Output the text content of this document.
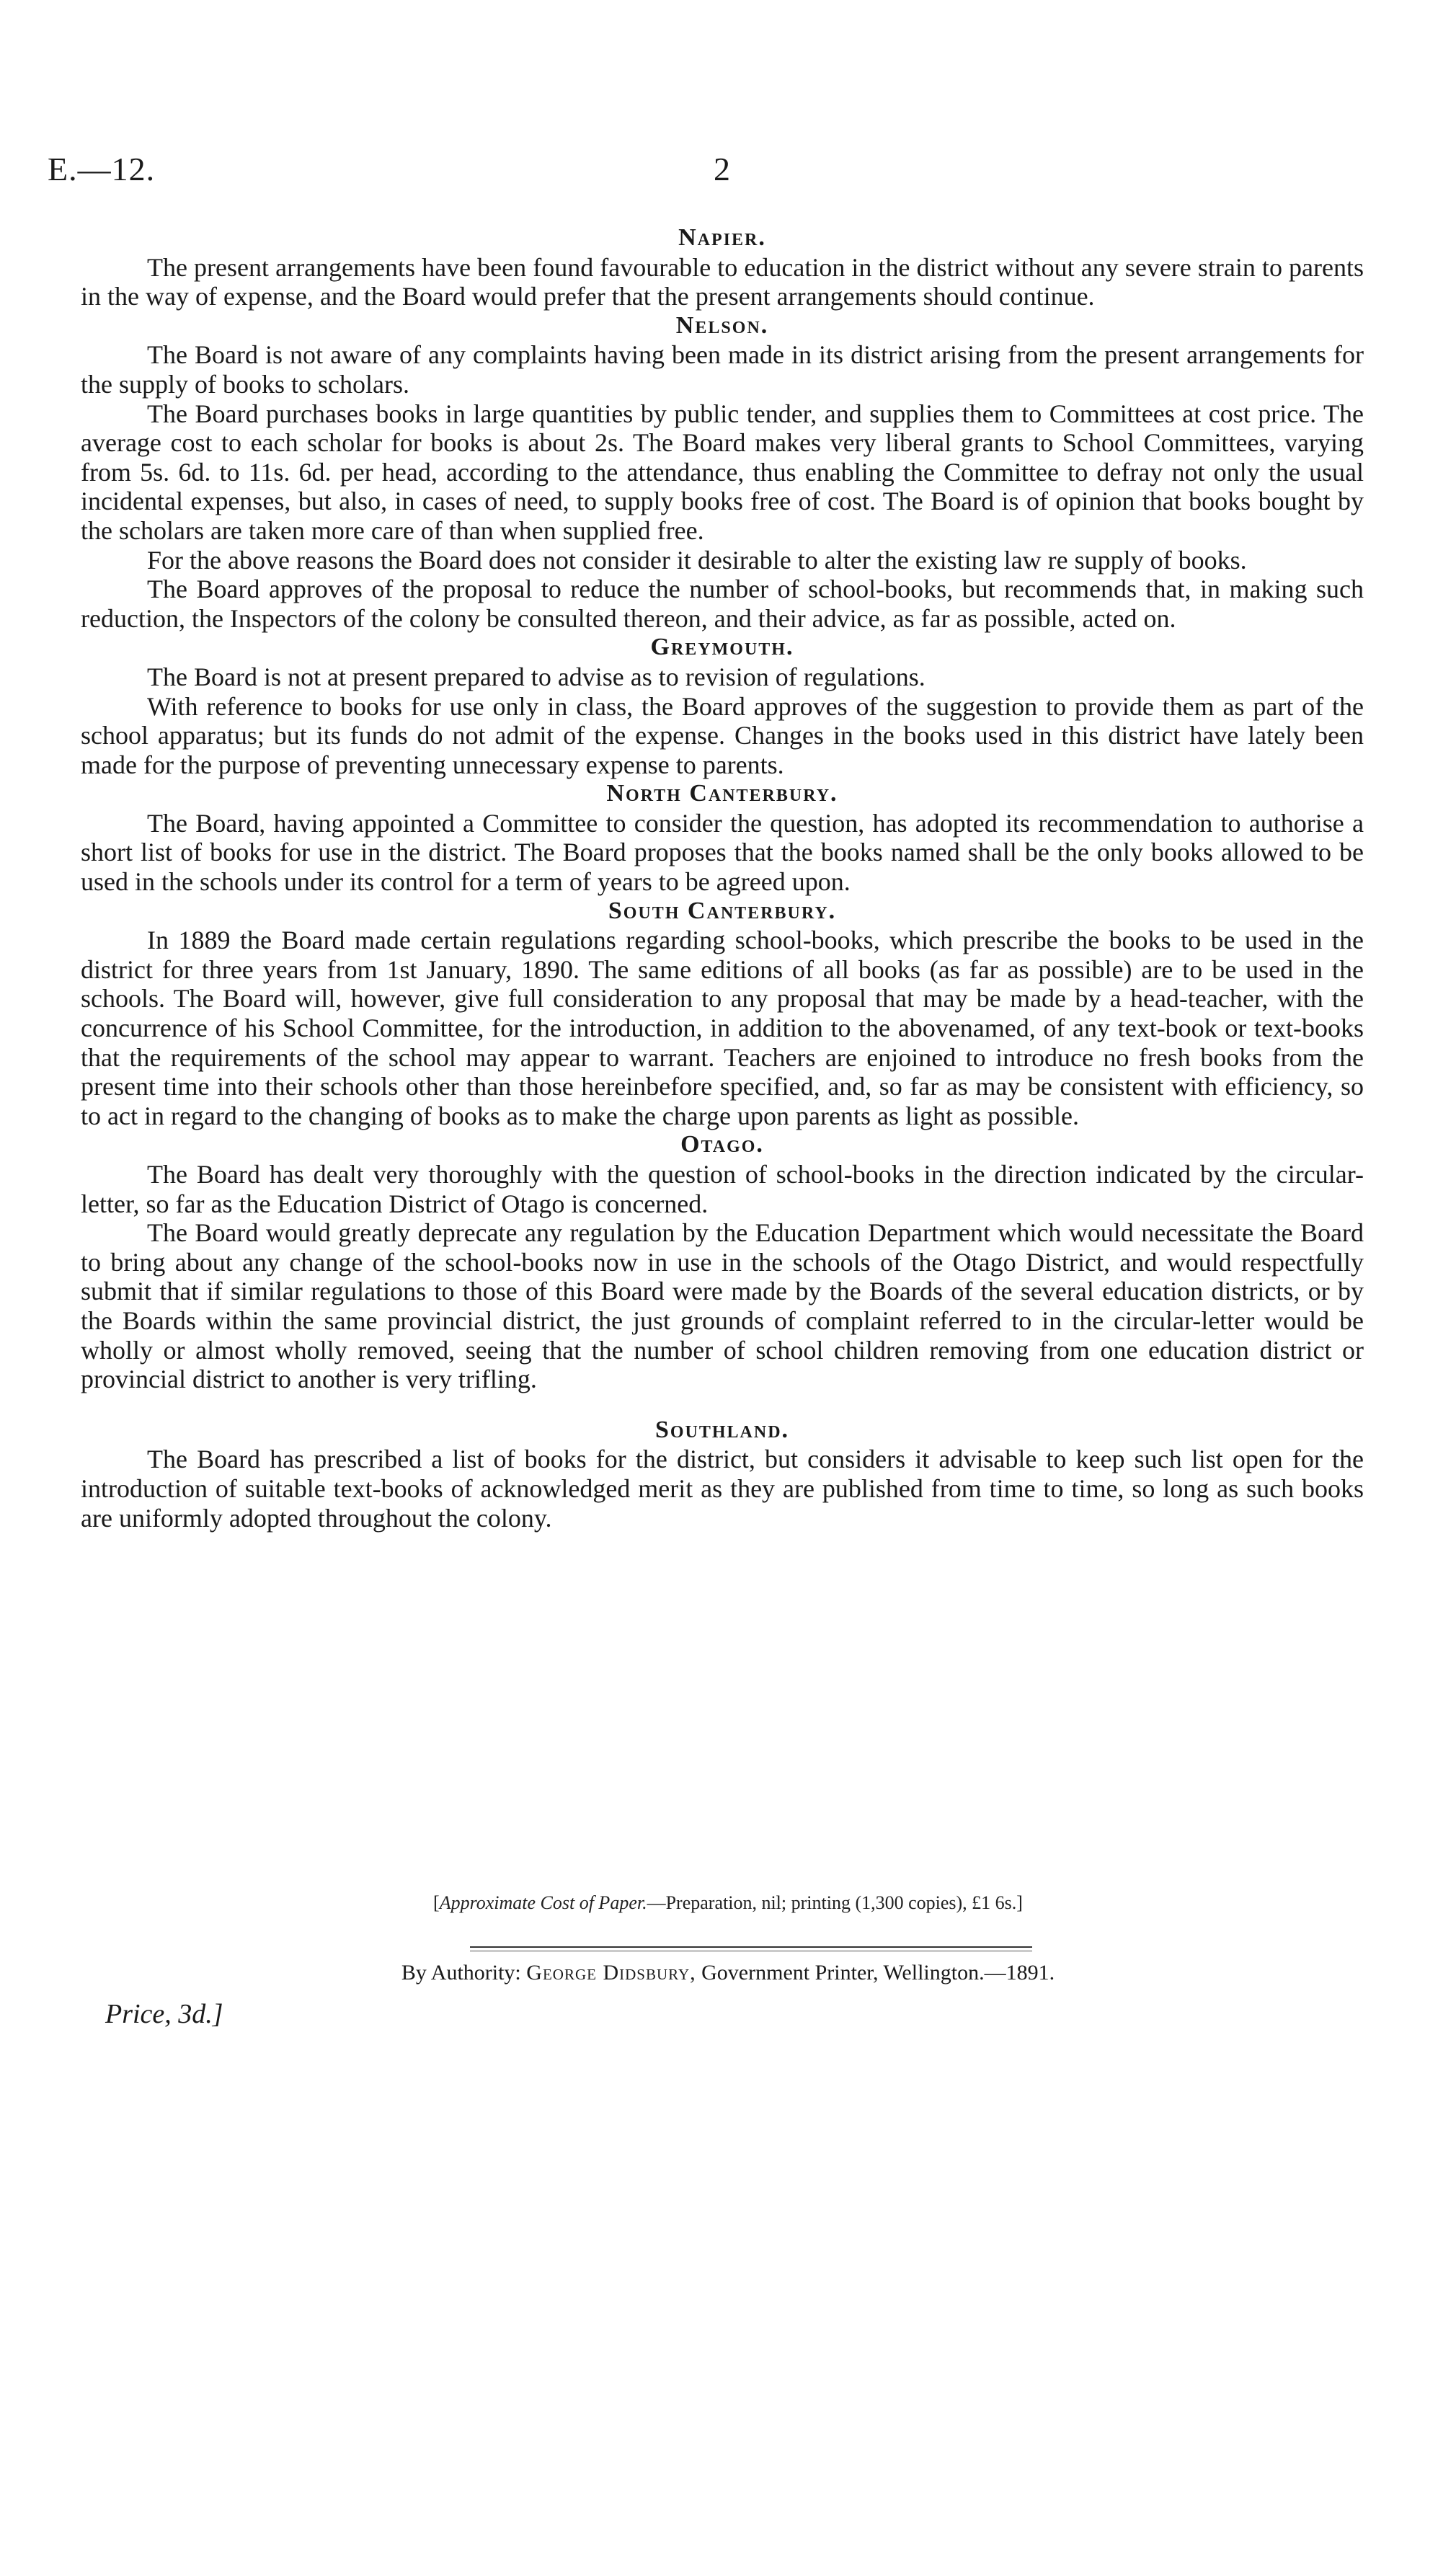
E.—12.	2
Napier.

The present arrangements have been found favourable to education in the district without any severe strain to parents in the way of expense, and the Board would prefer that the present arrangements should continue.

Nelson.

The Board is not aware of any complaints having been made in its district arising from the present arrangements for the supply of books to scholars.

The Board purchases books in large quantities by public tender, and supplies them to Committees at cost price. The average cost to each scholar for books is about 2s. The Board makes very liberal grants to School Committees, varying from 5s. 6d. to 11s. 6d. per head, according to the attendance, thus enabling the Committee to defray not only the usual incidental expenses, but also, in cases of need, to supply books free of cost. The Board is of opinion that books bought by the scholars are taken more care of than when supplied free.

For the above reasons the Board does not consider it desirable to alter the existing law re supply of books.

The Board approves of the proposal to reduce the number of school-books, but recommends that, in making such reduction, the Inspectors of the colony be consulted thereon, and their advice, as far as possible, acted on.

Greymouth.

The Board is not at present prepared to advise as to revision of regulations.

With reference to books for use only in class, the Board approves of the suggestion to provide them as part of the school apparatus; but its funds do not admit of the expense. Changes in the books used in this district have lately been made for the purpose of preventing unnecessary expense to parents.

North Canterbury.

The Board, having appointed a Committee to consider the question, has adopted its recommendation to authorise a short list of books for use in the district. The Board proposes that the books named shall be the only books allowed to be used in the schools under its control for a term of years to be agreed upon.

South Canterbury.

In 1889 the Board made certain regulations regarding school-books, which prescribe the books to be used in the district for three years from 1st January, 1890. The same editions of all books (as far as possible) are to be used in the schools. The Board will, however, give full consideration to any proposal that may be made by a head-teacher, with the concurrence of his School Committee, for the introduction, in addition to the abovenamed, of any text-book or text-books that the requirements of the school may appear to warrant. Teachers are enjoined to introduce no fresh books from the present time into their schools other than those hereinbefore specified, and, so far as may be consistent with efficiency, so to act in regard to the changing of books as to make the charge upon parents as light as possible.

Otago.

The Board has dealt very thoroughly with the question of school-books in the direction indicated by the circular-letter, so far as the Education District of Otago is concerned.

The Board would greatly deprecate any regulation by the Education Department which would necessitate the Board to bring about any change of the school-books now in use in the schools of the Otago District, and would respectfully submit that if similar regulations to those of this Board were made by the Boards of the several education districts, or by the Boards within the same provincial district, the just grounds of complaint referred to in the circular-letter would be wholly or almost wholly removed, seeing that the number of school children removing from one education district or provincial district to another is very trifling.

Southland.

The Board has prescribed a list of books for the district, but considers it advisable to keep such list open for the introduction of suitable text-books of acknowledged merit as they are published from time to time, so long as such books are uniformly adopted throughout the colony.

[Approximate Cost of Paper.—Preparation, nil; printing (1,300 copies), £1 6s.]
By Authority: George Didsbury, Government Printer, Wellington.—1891.
Price, 3d.]
